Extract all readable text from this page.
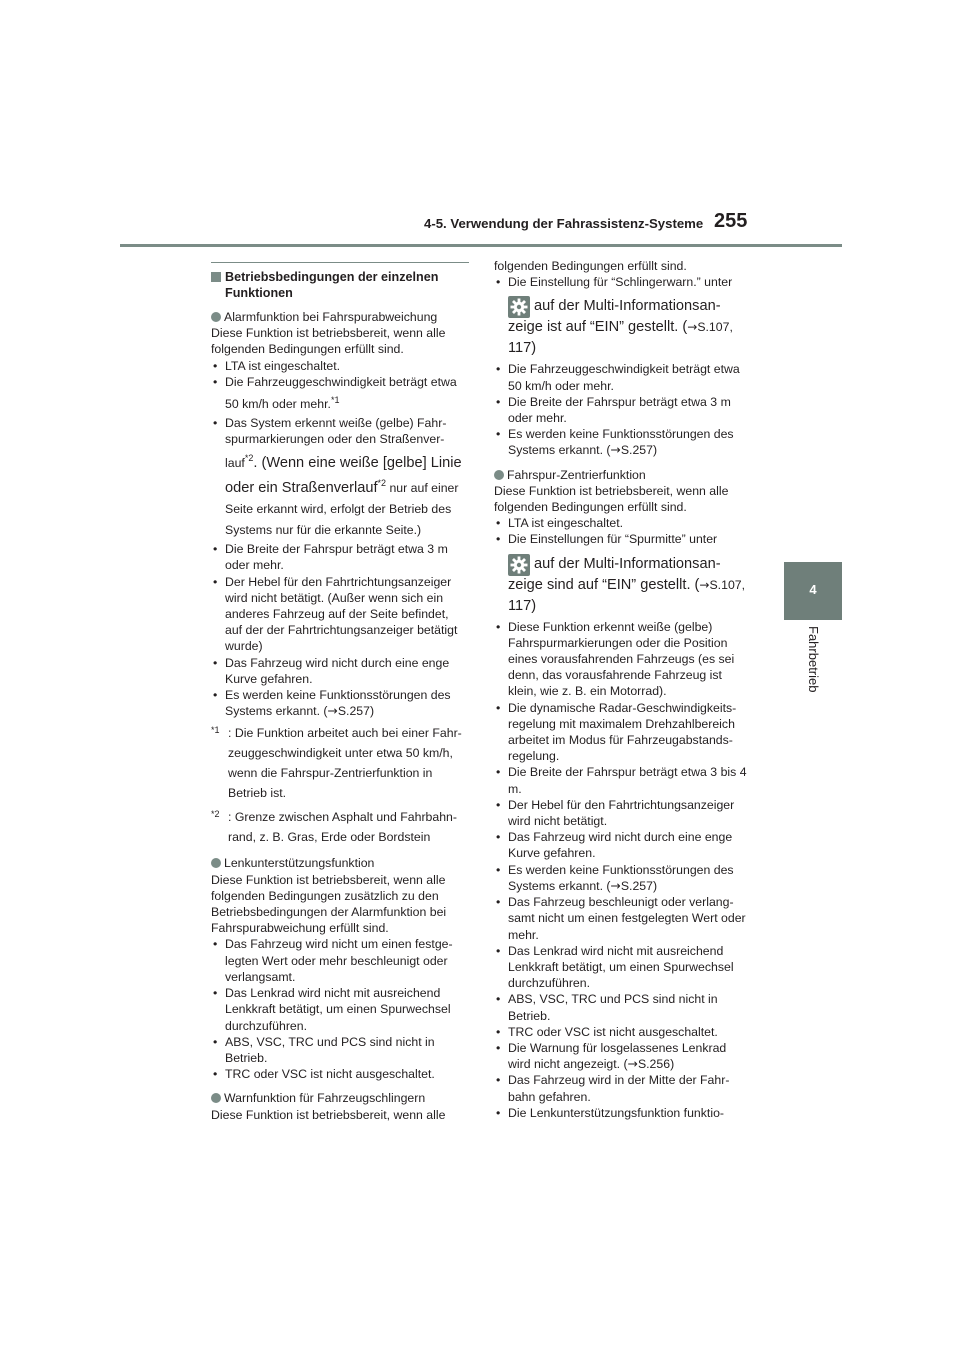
4-5. Verwendung der Fahrassistenz-Systeme 255
4
Fahrbetrieb
Betriebsbedingungen der einzelnen Funktionen
Alarmfunktion bei Fahrspurabweichung

Diese Funktion ist betriebsbereit, wenn alle folgenden Bedingungen erfüllt sind.

• LTA ist eingeschaltet.
• Die Fahrzeuggeschwindigkeit beträgt etwa
50 km/h oder mehr.$^{*1}$
• Das System erkennt weiße (gelbe) Fahr-spurmarkierungen oder den Straßenver-
lauf$^{*2}$. (Wenn eine weiße [gelbe] Linie
oder ein Straßenverlauf$^{*2}$ nur auf einer Seite erkannt wird, erfolgt der Betrieb des Systems nur für die erkannte Seite.)
• Die Breite der Fahrspur beträgt etwa 3 m oder mehr.
• Der Hebel für den Fahrtrichtungsanzeiger wird nicht betätigt. (Außer wenn sich ein anderes Fahrzeug auf der Seite befindet, auf der der Fahrtrichtungsanzeiger betätigt wurde)
• Das Fahrzeug wird nicht durch eine enge Kurve gefahren.
• Es werden keine Funktionsstörungen des Systems erkannt. (→S.257)
*1 : Die Funktion arbeitet auch bei einer Fahr-zeuggeschwindigkeit unter etwa 50 km/h, wenn die Fahrspur-Zentrierfunktion in Betrieb ist.
*2 : Grenze zwischen Asphalt und Fahrbahn-rand, z. B. Gras, Erde oder Bordstein
Lenkunterstützungsfunktion

Diese Funktion ist betriebsbereit, wenn alle folgenden Bedingungen zusätzlich zu den Betriebsbedingungen der Alarmfunktion bei Fahrspurabweichung erfüllt sind.

• Das Fahrzeug wird nicht um einen festge-legten Wert oder mehr beschleunigt oder verlangsamt.
• Das Lenkrad wird nicht mit ausreichend Lenkkraft betätigt, um einen Spurwechsel durchzuführen.
• ABS, VSC, TRC und PCS sind nicht in Betrieb.
• TRC oder VSC ist nicht ausgeschaltet.
Warnfunktion für Fahrzeugschlingern

Diese Funktion ist betriebsbereit, wenn alle

folgenden Bedingungen erfüllt sind.

• Die Einstellung für “Schlingerwarn.” unter
auf der Multi-Informationsan-
zeige ist auf “EIN” gestellt. (→S.107,
117)
• Die Fahrzeuggeschwindigkeit beträgt etwa 50 km/h oder mehr.
• Die Breite der Fahrspur beträgt etwa 3 m oder mehr.
• Es werden keine Funktionsstörungen des Systems erkannt. (→S.257)
Fahrspur-Zentrierfunktion

Diese Funktion ist betriebsbereit, wenn alle folgenden Bedingungen erfüllt sind.

• LTA ist eingeschaltet.
• Die Einstellungen für “Spurmitte” unter
auf der Multi-Informationsan-
zeige sind auf “EIN” gestellt. (→S.107,
117)
• Diese Funktion erkennt weiße (gelbe) Fahrspurmarkierungen oder die Position eines vorausfahrenden Fahrzeugs (es sei denn, das vorausfahrende Fahrzeug ist klein, wie z. B. ein Motorrad).
• Die dynamische Radar-Geschwindigkeits-regelung mit maximalem Drehzahlbereich arbeitet im Modus für Fahrzeugabstands-regelung.
• Die Breite der Fahrspur beträgt etwa 3 bis 4 m.
• Der Hebel für den Fahrtrichtungsanzeiger wird nicht betätigt.
• Das Fahrzeug wird nicht durch eine enge Kurve gefahren.
• Es werden keine Funktionsstörungen des Systems erkannt. (→S.257)
• Das Fahrzeug beschleunigt oder verlang-samt nicht um einen festgelegten Wert oder mehr.
• Das Lenkrad wird nicht mit ausreichend Lenkkraft betätigt, um einen Spurwechsel durchzuführen.
• ABS, VSC, TRC und PCS sind nicht in Betrieb.
• TRC oder VSC ist nicht ausgeschaltet.
• Die Warnung für losgelassenes Lenkrad wird nicht angezeigt. (→S.256)
• Das Fahrzeug wird in der Mitte der Fahr-bahn gefahren.
• Die Lenkunterstützungsfunktion funktio-
